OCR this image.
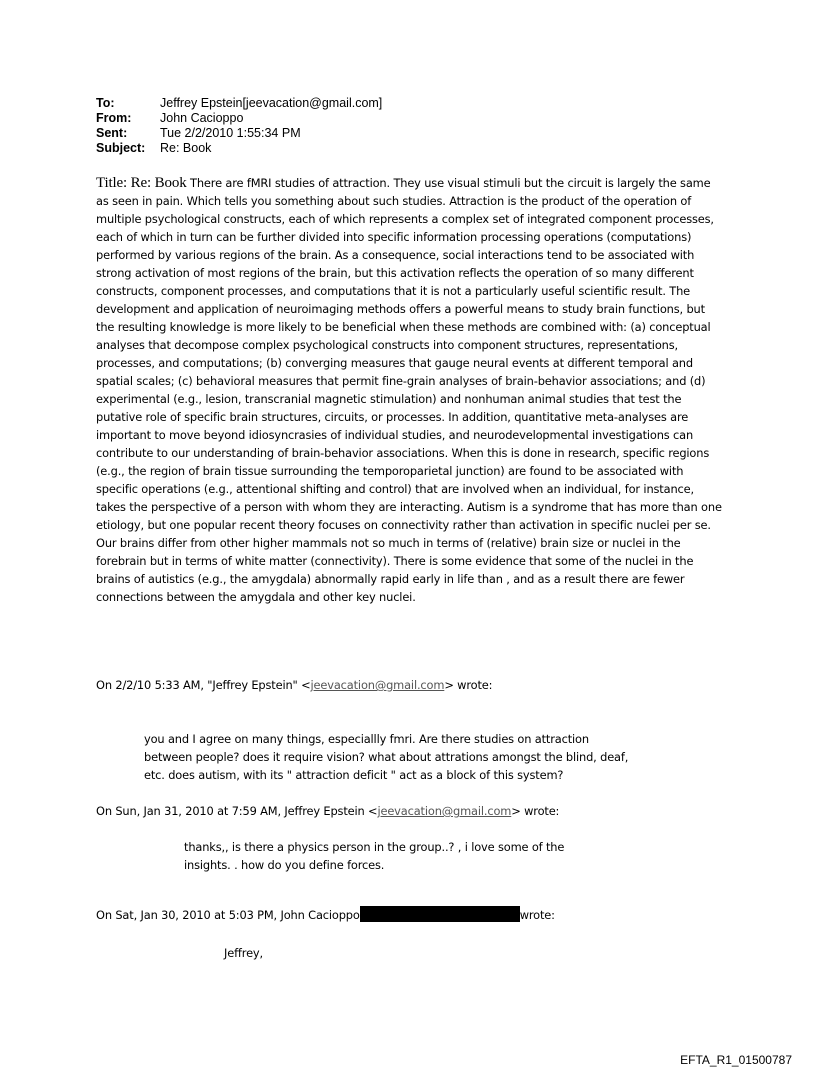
To:	Jeffrey Epstein[jeevacation@gmail.com]
From:	John Cacioppo
Sent:	Tue 2/2/2010 1:55:34 PM
Subject:	Re: Book
Title: Re: Book There are fMRI studies of attraction. They use visual stimuli but the circuit is largely the same as seen in pain. Which tells you something about such studies. Attraction is the product of the operation of multiple psychological constructs, each of which represents a complex set of integrated component processes, each of which in turn can be further divided into specific information processing operations (computations) performed by various regions of the brain. As a consequence, social interactions tend to be associated with strong activation of most regions of the brain, but this activation reflects the operation of so many different constructs, component processes, and computations that it is not a particularly useful scientific result. The development and application of neuroimaging methods offers a powerful means to study brain functions, but the resulting knowledge is more likely to be beneficial when these methods are combined with: (a) conceptual analyses that decompose complex psychological constructs into component structures, representations, processes, and computations; (b) converging measures that gauge neural events at different temporal and spatial scales; (c) behavioral measures that permit fine-grain analyses of brain-behavior associations; and (d) experimental (e.g., lesion, transcranial magnetic stimulation) and nonhuman animal studies that test the putative role of specific brain structures, circuits, or processes. In addition, quantitative meta-analyses are important to move beyond idiosyncrasies of individual studies, and neurodevelopmental investigations can contribute to our understanding of brain-behavior associations. When this is done in research, specific regions (e.g., the region of brain tissue surrounding the temporoparietal junction) are found to be associated with specific operations (e.g., attentional shifting and control) that are involved when an individual, for instance, takes the perspective of a person with whom they are interacting. Autism is a syndrome that has more than one etiology, but one popular recent theory focuses on connectivity rather than activation in specific nuclei per se. Our brains differ from other higher mammals not so much in terms of (relative) brain size or nuclei in the forebrain but in terms of white matter (connectivity). There is some evidence that some of the nuclei in the brains of autistics (e.g., the amygdala) abnormally rapid early in life than , and as a result there are fewer connections between the amygdala and other key nuclei.
On 2/2/10 5:33 AM, "Jeffrey Epstein" <jeevacation@gmail.com> wrote:
you and I agree on many things, especiallly fmri. Are there studies on attraction
between people? does it require vision? what about attrations amongst the blind, deaf,
etc. does autism, with its " attraction deficit " act as a block of this system?
On Sun, Jan 31, 2010 at 7:59 AM, Jeffrey Epstein <jeevacation@gmail.com> wrote:
thanks,, is there a physics person in the group..? , i love some of the
insights. . how do you define forces.
On Sat, Jan 30, 2010 at 5:03 PM, John Cacioppo	wrote:
Jeffrey,
EFTA_R1_01500787
